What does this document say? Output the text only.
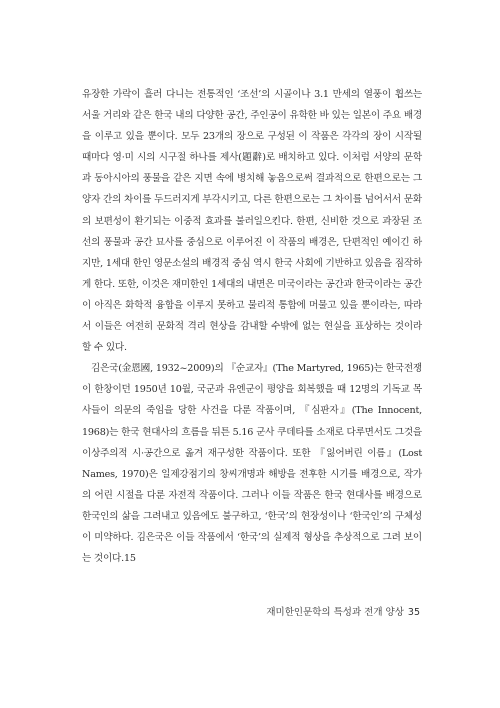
유장한 가락이 흘러 다니는 전통적인 ‘조선’의 시골이나 3.1 만세의 열풍이 휩쓰는 서울 거리와 같은 한국 내의 다양한 공간, 주인공이 유학한 바 있는 일본이 주요 배경을 이루고 있을 뿐이다. 모두 23개의 장으로 구성된 이 작품은 각각의 장이 시작될 때마다 영·미 시의 시구절 하나를 제사(題辭)로 배치하고 있다. 이처럼 서양의 문학과 동아시아의 풍물을 같은 지면 속에 병치해 놓음으로써 결과적으로 한편으로는 그 양자 간의 차이를 두드러지게 부각시키고, 다른 한편으로는 그 차이를 넘어서서 문화의 보편성이 환기되는 이중적 효과를 불러일으킨다. 한편, 신비한 것으로 과장된 조선의 풍물과 공간 묘사를 중심으로 이루어진 이 작품의 배경은, 단편적인 예이긴 하지만, 1세대 한인 영문소설의 배경적 중심 역시 한국 사회에 기반하고 있음을 짐작하게 한다. 또한, 이것은 재미한인 1세대의 내면은 미국이라는 공간과 한국이라는 공간이 아직은 화학적 융합을 이루지 못하고 물리적 통합에 머물고 있을 뿐이라는, 따라서 이들은 여전히 문화적 격리 현상을 감내할 수밖에 없는 현실을 표상하는 것이라 할 수 있다.

김은국(金恩國, 1932~2009)의 『순교자』(The Martyred, 1965)는 한국전쟁이 한창이던 1950년 10월, 국군과 유엔군이 평양을 회복했을 때 12명의 기독교 목사들이 의문의 죽임을 당한 사건을 다룬 작품이며, 『심판자』(The Innocent, 1968)는 한국 현대사의 흐름을 뒤튼 5.16 군사 쿠데타를 소재로 다루면서도 그것을 이상주의적 시·공간으로 옮겨 재구성한 작품이다. 또한 『잃어버린 이름』(Lost Names, 1970)은 일제강점기의 창씨개명과 해방을 전후한 시기를 배경으로, 작가의 어린 시절을 다룬 자전적 작품이다. 그러나 이들 작품은 한국 현대사를 배경으로 한국인의 삶을 그려내고 있음에도 불구하고, ‘한국’의 현장성이나 ‘한국인’의 구체성이 미약하다. 김은국은 이들 작품에서 ‘한국’의 실제적 형상을 추상적으로 그려 보이는 것이다.15

재미한인문학의 특성과 전개 양상 35
